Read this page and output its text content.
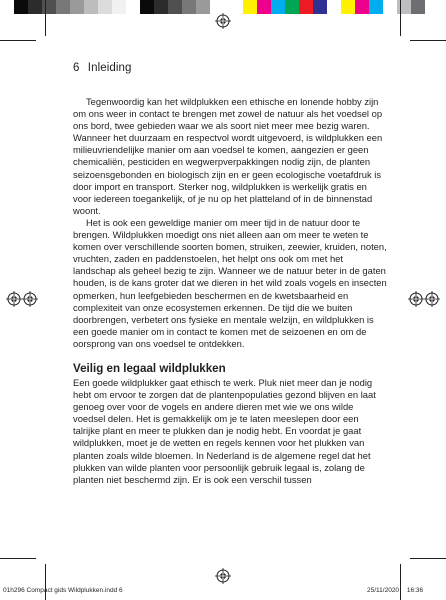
6 Inleiding

Tegenwoordig kan het wildplukken een ethische en lonende hobby zijn om ons weer in contact te brengen met zowel de natuur als het voedsel op ons bord, twee gebieden waar we als soort niet meer mee bezig waren. Wanneer het duurzaam en respectvol wordt uitgevoerd, is wildplukken een milieuvriendelijke manier om aan voedsel te komen, aangezien er geen chemicaliën, pesticiden en wegwerpverpakkingen nodig zijn, de planten seizoensgebonden en biologisch zijn en er geen ecologische voetafdruk is door import en transport. Sterker nog, wildplukken is werkelijk gratis en voor iedereen toegankelijk, of je nu op het platteland of in de binnenstad woont.

Het is ook een geweldige manier om meer tijd in de natuur door te brengen. Wildplukken moedigt ons niet alleen aan om meer te weten te komen over verschillende soorten bomen, struiken, zeewier, kruiden, noten, vruchten, zaden en paddenstoelen, het helpt ons ook om met het landschap als geheel bezig te zijn. Wanneer we de natuur beter in de gaten houden, is de kans groter dat we dieren in het wild zoals vogels en insecten opmerken, hun leefgebieden beschermen en de kwetsbaarheid en complexiteit van onze ecosystemen erkennen. De tijd die we buiten doorbrengen, verbetert ons fysieke en mentale welzijn, en wildplukken is een goede manier om in contact te komen met de seizoenen en om de oorsprong van ons voedsel te ontdekken.

Veilig en legaal wildplukken

Een goede wildplukker gaat ethisch te werk. Pluk niet meer dan je nodig hebt om ervoor te zorgen dat de plantenpopulaties gezond blijven en laat genoeg over voor de vogels en andere dieren met wie we ons wilde voedsel delen. Het is gemakkelijk om je te laten meeslepen door een talrijke plant en meer te plukken dan je nodig hebt. En voordat je gaat wildplukken, moet je de wetten en regels kennen voor het plukken van planten zoals wilde bloemen. In Nederland is de algemene regel dat het plukken van wilde planten voor persoonlijk gebruik legaal is, zolang de planten niet beschermd zijn. Er is ook een verschil tussen

01h296 Compact gids Wildplukken.indd 6	25/11/2020 16:36
